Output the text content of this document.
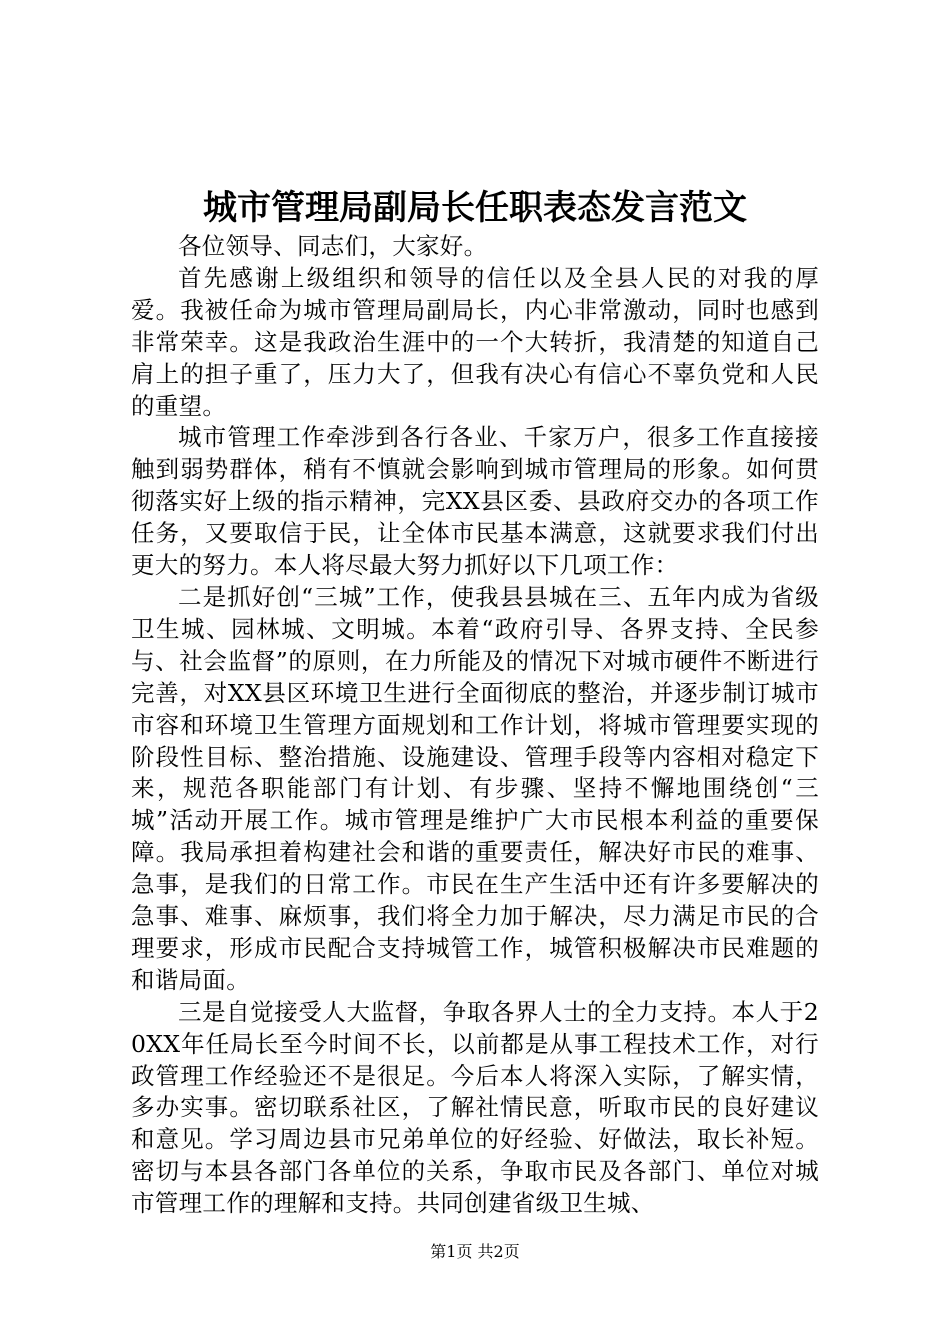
城市管理局副局长任职表态发言范文

各位领导、同志们，大家好。

首先感谢上级组织和领导的信任以及全县人民的对我的厚爱。我被任命为城市管理局副局长，内心非常激动，同时也感到非常荣幸。这是我政治生涯中的一个大转折，我清楚的知道自己肩上的担子重了，压力大了，但我有决心有信心不辜负党和人民的重望。

城市管理工作牵涉到各行各业、千家万户，很多工作直接接触到弱势群体，稍有不慎就会影响到城市管理局的形象。如何贯彻落实好上级的指示精神，完XX县区委、县政府交办的各项工作任务，又要取信于民，让全体市民基本满意，这就要求我们付出更大的努力。本人将尽最大努力抓好以下几项工作：

二是抓好创“三城”工作，使我县县城在三、五年内成为省级卫生城、园林城、文明城。本着“政府引导、各界支持、全民参与、社会监督”的原则，在力所能及的情况下对城市硬件不断进行完善，对XX县区环境卫生进行全面彻底的整治，并逐步制订城市市容和环境卫生管理方面规划和工作计划，将城市管理要实现的阶段性目标、整治措施、设施建设、管理手段等内容相对稳定下来，规范各职能部门有计划、有步骤、坚持不懈地围绕创“三城”活动开展工作。城市管理是维护广大市民根本利益的重要保障。我局承担着构建社会和谐的重要责任，解决好市民的难事、急事，是我们的日常工作。市民在生产生活中还有许多要解决的急事、难事、麻烦事，我们将全力加于解决，尽力满足市民的合理要求，形成市民配合支持城管工作，城管积极解决市民难题的和谐局面。

三是自觉接受人大监督，争取各界人士的全力支持。本人于20XX年任局长至今时间不长，以前都是从事工程技术工作，对行政管理工作经验还不是很足。今后本人将深入实际，了解实情，多办实事。密切联系社区，了解社情民意，听取市民的良好建议和意见。学习周边县市兄弟单位的好经验、好做法，取长补短。密切与本县各部门各单位的关系，争取市民及各部门、单位对城市管理工作的理解和支持。共同创建省级卫生城、

第1页 共2页
